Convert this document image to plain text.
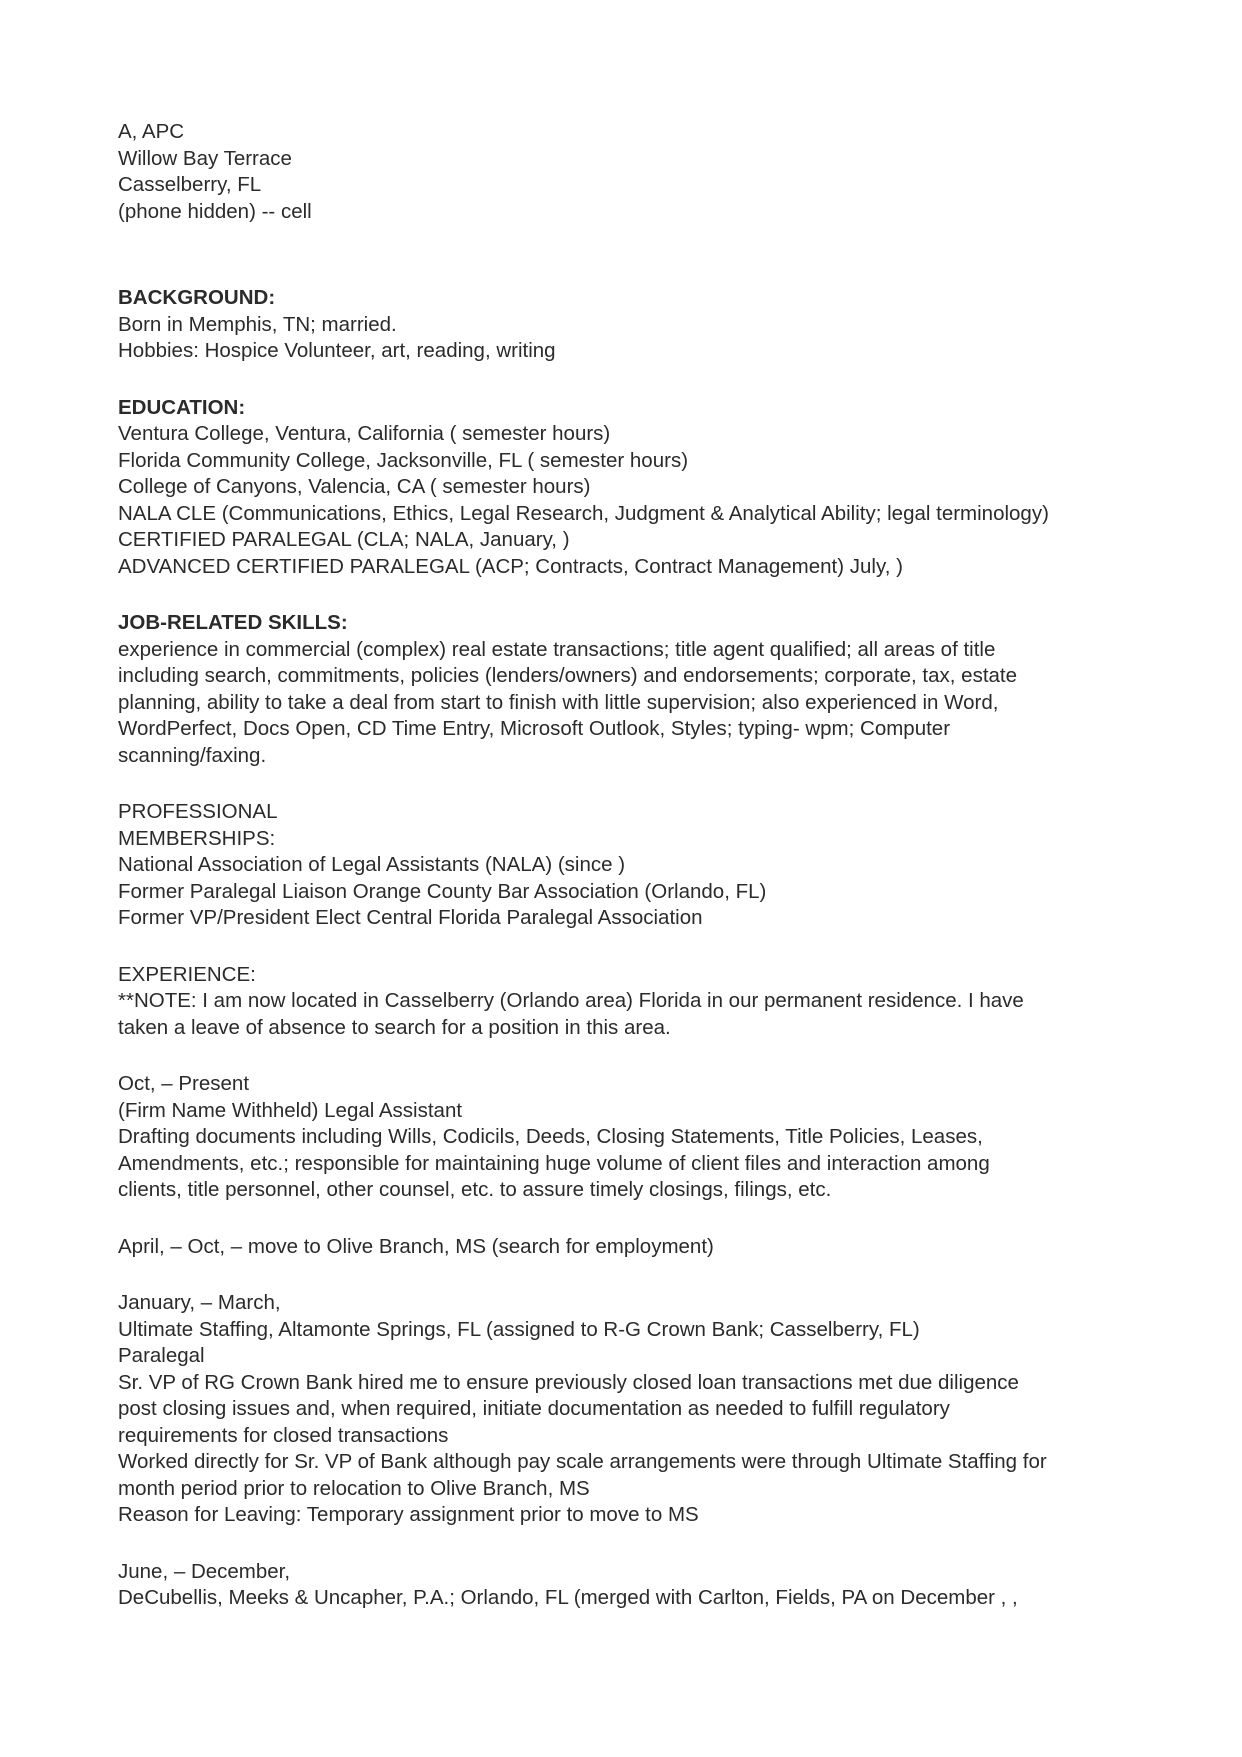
A, APC
Willow Bay Terrace
Casselberry, FL
(phone hidden) -- cell
BACKGROUND:
Born in Memphis, TN; married.
Hobbies: Hospice Volunteer, art, reading, writing
EDUCATION:
Ventura College, Ventura, California ( semester hours)
Florida Community College, Jacksonville, FL ( semester hours)
College of Canyons, Valencia, CA ( semester hours)
NALA CLE (Communications, Ethics, Legal Research, Judgment & Analytical Ability; legal terminology)
CERTIFIED PARALEGAL (CLA; NALA, January, )
ADVANCED CERTIFIED PARALEGAL (ACP; Contracts, Contract Management) July, )
JOB-RELATED SKILLS:
experience in commercial (complex) real estate transactions; title agent qualified; all areas of title
including search, commitments, policies (lenders/owners) and endorsements; corporate, tax, estate
planning, ability to take a deal from start to finish with little supervision; also experienced in Word,
WordPerfect, Docs Open, CD Time Entry, Microsoft Outlook, Styles; typing- wpm; Computer
scanning/faxing.
PROFESSIONAL
MEMBERSHIPS:
National Association of Legal Assistants (NALA) (since )
Former Paralegal Liaison Orange County Bar Association (Orlando, FL)
Former VP/President Elect Central Florida Paralegal Association
EXPERIENCE:
**NOTE: I am now located in Casselberry (Orlando area) Florida in our permanent residence. I have
taken a leave of absence to search for a position in this area.
Oct, – Present
(Firm Name Withheld) Legal Assistant
Drafting documents including Wills, Codicils, Deeds, Closing Statements, Title Policies, Leases,
Amendments, etc.; responsible for maintaining huge volume of client files and interaction among
clients, title personnel, other counsel, etc. to assure timely closings, filings, etc.
April, – Oct, – move to Olive Branch, MS (search for employment)
January, – March,
Ultimate Staffing, Altamonte Springs, FL (assigned to R-G Crown Bank; Casselberry, FL)
Paralegal
Sr. VP of RG Crown Bank hired me to ensure previously closed loan transactions met due diligence
post closing issues and, when required, initiate documentation as needed to fulfill regulatory
requirements for closed transactions
Worked directly for Sr. VP of Bank although pay scale arrangements were through Ultimate Staffing for
month period prior to relocation to Olive Branch, MS
Reason for Leaving: Temporary assignment prior to move to MS
June, – December,
DeCubellis, Meeks & Uncapher, P.A.; Orlando, FL (merged with Carlton, Fields, PA on December , ,
